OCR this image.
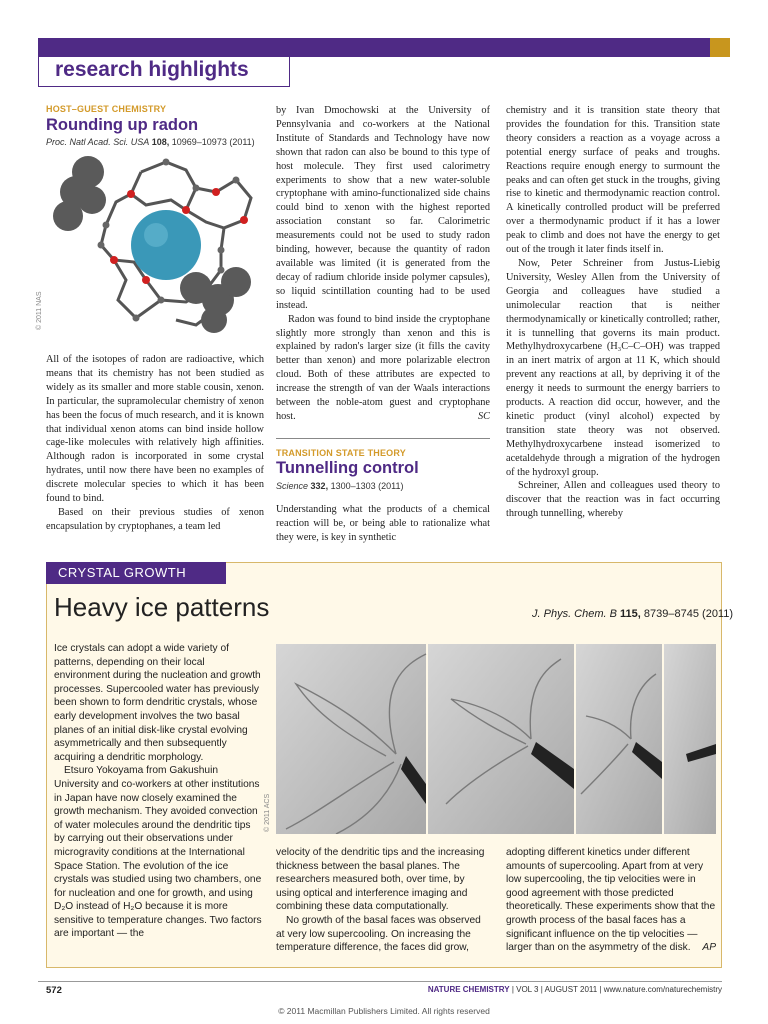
research highlights
HOST–GUEST CHEMISTRY
Rounding up radon
Proc. Natl Acad. Sci. USA 108, 10969–10973 (2011)
© 2011 NAS

All of the isotopes of radon are radioactive, which means that its chemistry has not been studied as widely as its smaller and more stable cousin, xenon. In particular, the supramolecular chemistry of xenon has been the focus of much research, and it is known that individual xenon atoms can bind inside hollow cage-like molecules with relatively high affinities. Although radon is incorporated in some crystal hydrates, until now there have been no examples of discrete molecular species to which it has been found to bind.

Based on their previous studies of xenon encapsulation by cryptophanes, a team led

by Ivan Dmochowski at the University of Pennsylvania and co-workers at the National Institute of Standards and Technology have now shown that radon can also be bound to this type of host molecule. They first used calorimetry experiments to show that a new water-soluble cryptophane with amino-functionalized side chains could bind to xenon with the highest reported association constant so far. Calorimetric measurements could not be used to study radon binding, however, because the quantity of radon available was limited (it is generated from the decay of radium chloride inside polymer capsules), so liquid scintillation counting had to be used instead.

Radon was found to bind inside the cryptophane slightly more strongly than xenon and this is explained by radon's larger size (it fills the cavity better than xenon) and more polarizable electron cloud. Both of these attributes are expected to increase the strength of van der Waals interactions between the noble-atom guest and cryptophane host.	SC

TRANSITION STATE THEORY
Tunnelling control
Science 332, 1300–1303 (2011)

Understanding what the products of a chemical reaction will be, or being able to rationalize what they were, is key in synthetic

chemistry and it is transition state theory that provides the foundation for this. Transition state theory considers a reaction as a voyage across a potential energy surface of peaks and troughs. Reactions require enough energy to surmount the peaks and can often get stuck in the troughs, giving rise to kinetic and thermodynamic reaction control. A kinetically controlled product will be preferred over a thermodynamic product if it has a lower peak to climb and does not have the energy to get out of the trough it later finds itself in.

Now, Peter Schreiner from Justus-Liebig University, Wesley Allen from the University of Georgia and colleagues have studied a unimolecular reaction that is neither thermodynamically or kinetically controlled; rather, it is tunnelling that governs its main product. Methylhydroxycarbene (H₃C–C–OH) was trapped in an inert matrix of argon at 11 K, which should prevent any reactions at all, by depriving it of the energy it needs to surmount the energy barriers to products. A reaction did occur, however, and the kinetic product (vinyl alcohol) expected by transition state theory was not observed. Methylhydroxycarbene instead isomerized to acetaldehyde through a migration of the hydrogen of the hydroxyl group.

Schreiner, Allen and colleagues used theory to discover that the reaction was in fact occurring through tunnelling, whereby

CRYSTAL GROWTH
Heavy ice patterns	J. Phys. Chem. B 115, 8739–8745 (2011)

Ice crystals can adopt a wide variety of patterns, depending on their local environment during the nucleation and growth processes. Supercooled water has previously been shown to form dendritic crystals, whose early development involves the two basal planes of an initial disk-like crystal evolving asymmetrically and then subsequently acquiring a dendritic morphology.

Etsuro Yokoyama from Gakushuin University and co-workers at other institutions in Japan have now closely examined the growth mechanism. They avoided convection of water molecules around the dendritic tips by carrying out their observations under microgravity conditions at the International Space Station. The evolution of the ice crystals was studied using two chambers, one for nucleation and one for growth, and using D₂O instead of H₂O because it is more sensitive to temperature changes. Two factors are important — the

© 2011 ACS

velocity of the dendritic tips and the increasing thickness between the basal planes. The researchers measured both, over time, by using optical and interference imaging and combining these data computationally.

No growth of the basal faces was observed at very low supercooling. On increasing the temperature difference, the faces did grow,

adopting different kinetics under different amounts of supercooling. Apart from at very low supercooling, the tip velocities were in good agreement with those predicted theoretically. These experiments show that the growth process of the basal faces has a significant influence on the tip velocities — larger than on the asymmetry of the disk. AP

572	NATURE CHEMISTRY | VOL 3 | AUGUST 2011 | www.nature.com/naturechemistry
© 2011 Macmillan Publishers Limited. All rights reserved
